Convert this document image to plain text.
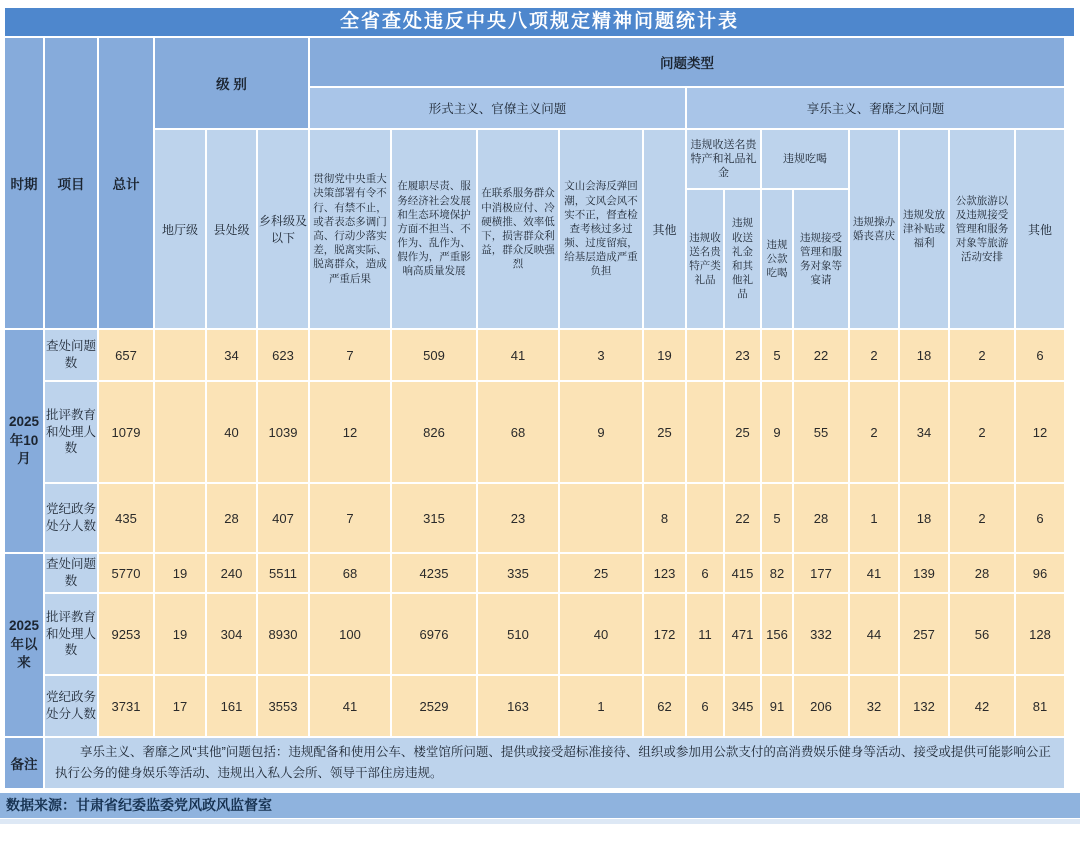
全省查处违反中央八项规定精神问题统计表
时期	项目	总计	级 别			问题类型												
						形式主义、官僚主义问题					享乐主义、奢靡之风问题							
			地厅级	县处级	乡科级及以下	贯彻党中央重大决策部署有令不行、有禁不止，或者表态多调门高、行动少落实差，脱离实际、脱离群众，造成严重后果	在履职尽责、服务经济社会发展和生态环境保护方面不担当、不作为、乱作为、假作为，严重影响高质量发展	在联系服务群众中消极应付、冷硬横推、效率低下，损害群众利益，群众反映强烈	文山会海反弹回潮，文风会风不实不正，督查检查考核过多过频、过度留痕，给基层造成严重负担	其他	违规收送名贵特产和礼品礼金		违规吃喝		违规操办婚丧喜庆	违规发放津补贴或福利	公款旅游以及违规接受管理和服务对象等旅游活动安排	其他
											违规收送名贵特产类礼品	违规收送礼金和其他礼品	违规公款吃喝	违规接受管理和服务对象等宴请				
2025年10月	查处问题数	657		34	623	7	509	41	3	19		23	5	22	2	18	2	6
	批评教育和处理人数	1079		40	1039	12	826	68	9	25		25	9	55	2	34	2	12
	党纪政务处分人数	435		28	407	7	315	23		8		22	5	28	1	18	2	6
2025年以来	查处问题数	5770	19	240	5511	68	4235	335	25	123	6	415	82	177	41	139	28	96
	批评教育和处理人数	9253	19	304	8930	100	6976	510	40	172	11	471	156	332	44	257	56	128
	党纪政务处分人数	3731	17	161	3553	41	2529	163	1	62	6	345	91	206	32	132	42	81
备注	享乐主义、奢靡之风“其他”问题包括：违规配备和使用公车、楼堂馆所问题、提供或接受超标准接待、组织或参加用公款支付的高消费娱乐健身等活动、接受或提供可能影响公正执行公务的健身娱乐等活动、违规出入私人会所、领导干部住房违规。																	
数据来源：甘肃省纪委监委党风政风监督室
